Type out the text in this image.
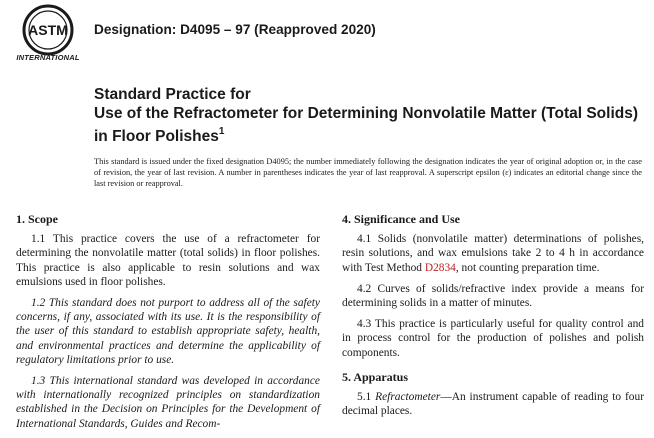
ASTM
INTERNATIONAL
Designation: D4095 – 97 (Reapproved 2020)
Standard Practice for
Use of the Refractometer for Determining Nonvolatile Matter (Total Solids) in Floor Polishes$^1$
This standard is issued under the fixed designation D4095; the number immediately following the designation indicates the year of original adoption or, in the case of revision, the year of last revision. A number in parentheses indicates the year of last reapproval. A superscript epsilon (ε) indicates an editorial change since the last revision or reapproval.
1. Scope
1.1 This practice covers the use of a refractometer for determining the nonvolatile matter (total solids) in floor polishes. This practice is also applicable to resin solutions and wax emulsions used in floor polishes.
1.2 This standard does not purport to address all of the safety concerns, if any, associated with its use. It is the responsibility of the user of this standard to establish appropriate safety, health, and environmental practices and determine the applicability of regulatory limitations prior to use.
1.3 This international standard was developed in accordance with internationally recognized principles on standardization established in the Decision on Principles for the Development of International Standards, Guides and Recom-
4. Significance and Use
4.1 Solids (nonvolatile matter) determinations of polishes, resin solutions, and wax emulsions take 2 to 4 h in accordance with Test Method D2834, not counting preparation time.
4.2 Curves of solids/refractive index provide a means for determining solids in a matter of minutes.
4.3 This practice is particularly useful for quality control and in process control for the production of polishes and polish components.
5. Apparatus
5.1 Refractometer—An instrument capable of reading to four decimal places.
